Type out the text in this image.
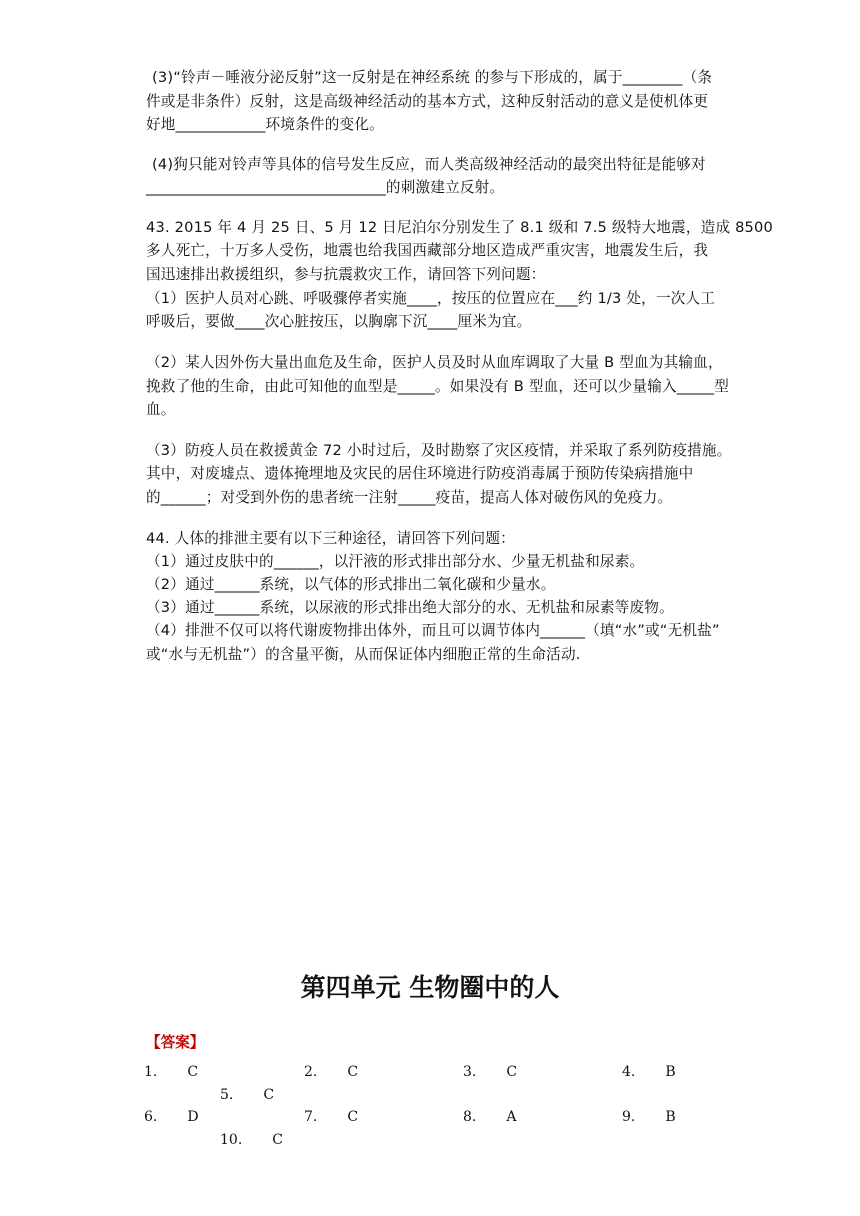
(3)“铃声－唾液分泌反射”这一反射是在神经系统 的参与下形成的，属于________（条
件或是非条件）反射，这是高级神经活动的基本方式，这种反射活动的意义是使机体更
好地____________环境条件的变化。
(4)狗只能对铃声等具体的信号发生反应，而人类高级神经活动的最突出特征是能够对
________________________________的刺激建立反射。
43. 2015 年 4 月 25 日、5 月 12 日尼泊尔分别发生了 8.1 级和 7.5 级特大地震，造成 8500
多人死亡，十万多人受伤，地震也给我国西藏部分地区造成严重灾害，地震发生后，我
国迅速排出救援组织，参与抗震救灾工作，请回答下列问题：
（1）医护人员对心跳、呼吸骤停者实施____，按压的位置应在___约 1/3 处，一次人工
呼吸后，要做____次心脏按压，以胸廓下沉____厘米为宜。
（2）某人因外伤大量出血危及生命，医护人员及时从血库调取了大量 B 型血为其输血，
挽救了他的生命，由此可知他的血型是_____。如果没有 B 型血，还可以少量输入_____型
血。
（3）防疫人员在救援黄金 72 小时过后，及时勘察了灾区疫情，并采取了系列防疫措施。
其中，对废墟点、遗体掩埋地及灾民的居住环境进行防疫消毒属于预防传染病措施中
的______；对受到外伤的患者统一注射_____疫苗，提高人体对破伤风的免疫力。
44. 人体的排泄主要有以下三种途径，请回答下列问题：
（1）通过皮肤中的______，以汗液的形式排出部分水、少量无机盐和尿素。
（2）通过______系统，以气体的形式排出二氧化碳和少量水。
（3）通过______系统，以尿液的形式排出绝大部分的水、无机盐和尿素等废物。
（4）排泄不仅可以将代谢废物排出体外，而且可以调节体内______（填“水”或“无机盐”
或“水与无机盐”）的含量平衡，从而保证体内细胞正常的生命活动.
第四单元 生物圈中的人
【答案】
1. C	2. C	3. C	4. B
5. C
6. D	7. C	8. A	9. B
10. C
